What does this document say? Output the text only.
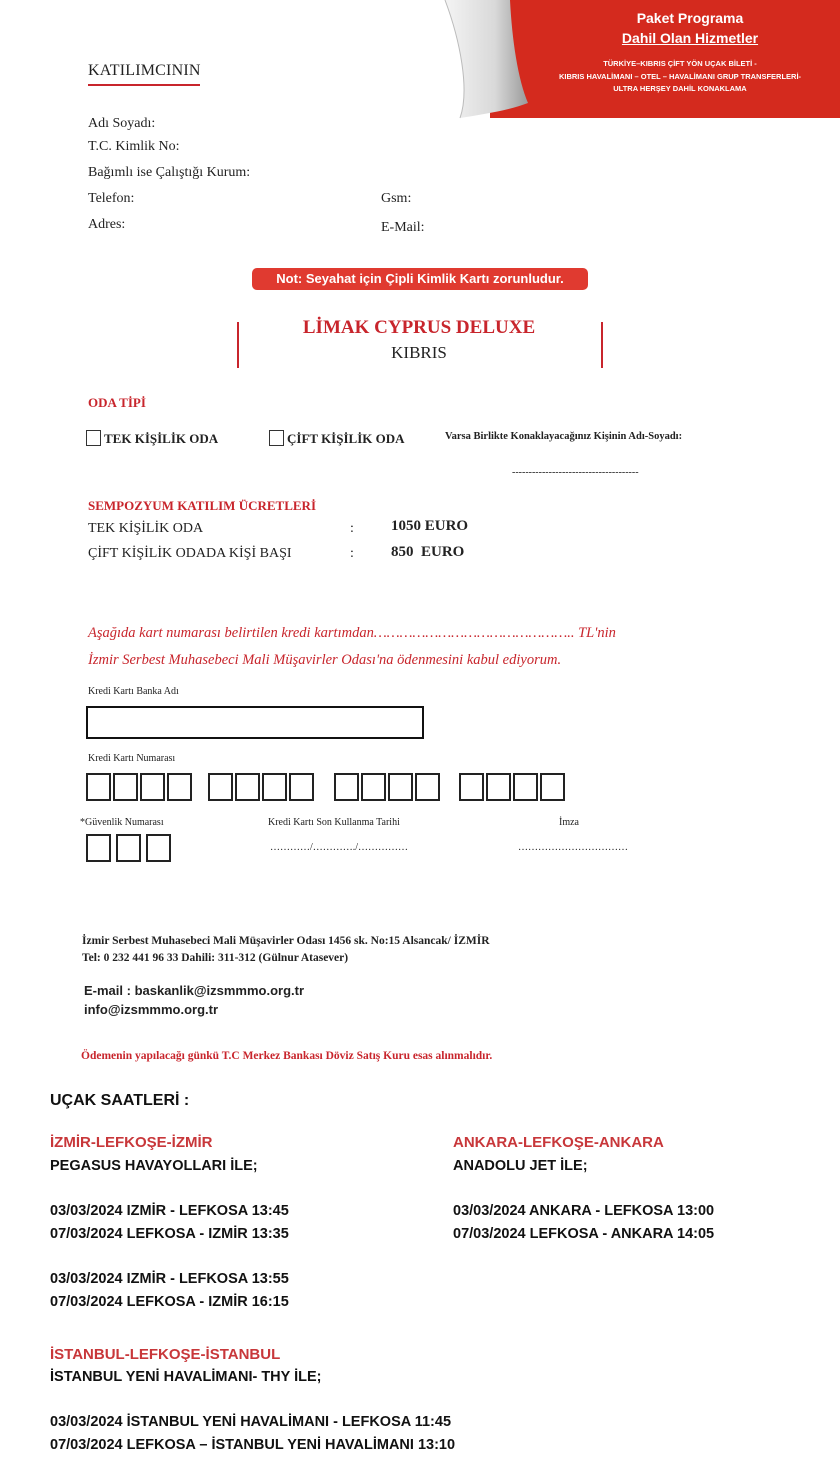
Paket Programa
Dahil Olan Hizmetler
TÜRKİYE–KIBRIS ÇİFT YÖN UÇAK BİLETİ -
KIBRIS HAVALİMANI – OTEL – HAVALİMANI GRUP TRANSFERLERİ-
ULTRA HERŞEY DAHİL KONAKLAMA
KATILIMCININ
Adı Soyadı:
T.C. Kimlik No:
Bağımlı ise Çalıştığı Kurum:
Telefon:	Gsm:
Adres:	E-Mail:
Not: Seyahat için Çipli Kimlik Kartı zorunludur.
LİMAK CYPRUS DELUXE
KIBRIS
ODA TİPİ
TEK KİŞİLİK ODA	ÇİFT KİŞİLİK ODA	Varsa Birlikte Konaklayacağınız Kişinin Adı-Soyadı:
--------------------------------------
SEMPOZYUM KATILIM ÜCRETLERİ
TEK KİŞİLİK ODA	: 1050 EURO
ÇİFT KİŞİLİK ODADA KİŞİ BAŞI	: 850  EURO
Aşağıda kart numarası belirtilen kredi kartımdan……………………………………….. TL'nin
İzmir Serbest Muhasebeci Mali Müşavirler Odası'na ödenmesini kabul ediyorum.
Kredi Kartı Banka Adı
Kredi Kartı Numarası
*Güvenlik Numarası	Kredi Kartı Son Kullanma Tarihi	İmza
…………/…………./……………	……………………………
İzmir Serbest Muhasebeci Mali Müşavirler Odası 1456 sk. No:15 Alsancak/ İZMİR
Tel: 0 232 441 96 33 Dahili: 311-312 (Gülnur Atasever)
E-mail : baskanlik@izsmmmo.org.tr
info@izsmmmo.org.tr
Ödemenin yapılacağı günkü T.C Merkez Bankası Döviz Satış Kuru esas alınmalıdır.
UÇAK SAATLERİ :
İZMİR-LEFKOŞE-İZMİR
PEGASUS HAVAYOLLARI İLE;
03/03/2024 IZMİR - LEFKOSA 13:45
07/03/2024 LEFKOSA - IZMİR 13:35
03/03/2024 IZMİR - LEFKOSA 13:55
07/03/2024 LEFKOSA - IZMİR 16:15
ANKARA-LEFKOŞE-ANKARA
ANADOLU JET İLE;
03/03/2024 ANKARA - LEFKOSA 13:00
07/03/2024 LEFKOSA - ANKARA 14:05
İSTANBUL-LEFKOŞE-İSTANBUL
İSTANBUL YENİ HAVALİMANI- THY İLE;
03/03/2024 İSTANBUL YENİ HAVALİMANI - LEFKOSA 11:45
07/03/2024 LEFKOSA – İSTANBUL YENİ HAVALİMANI 13:10
